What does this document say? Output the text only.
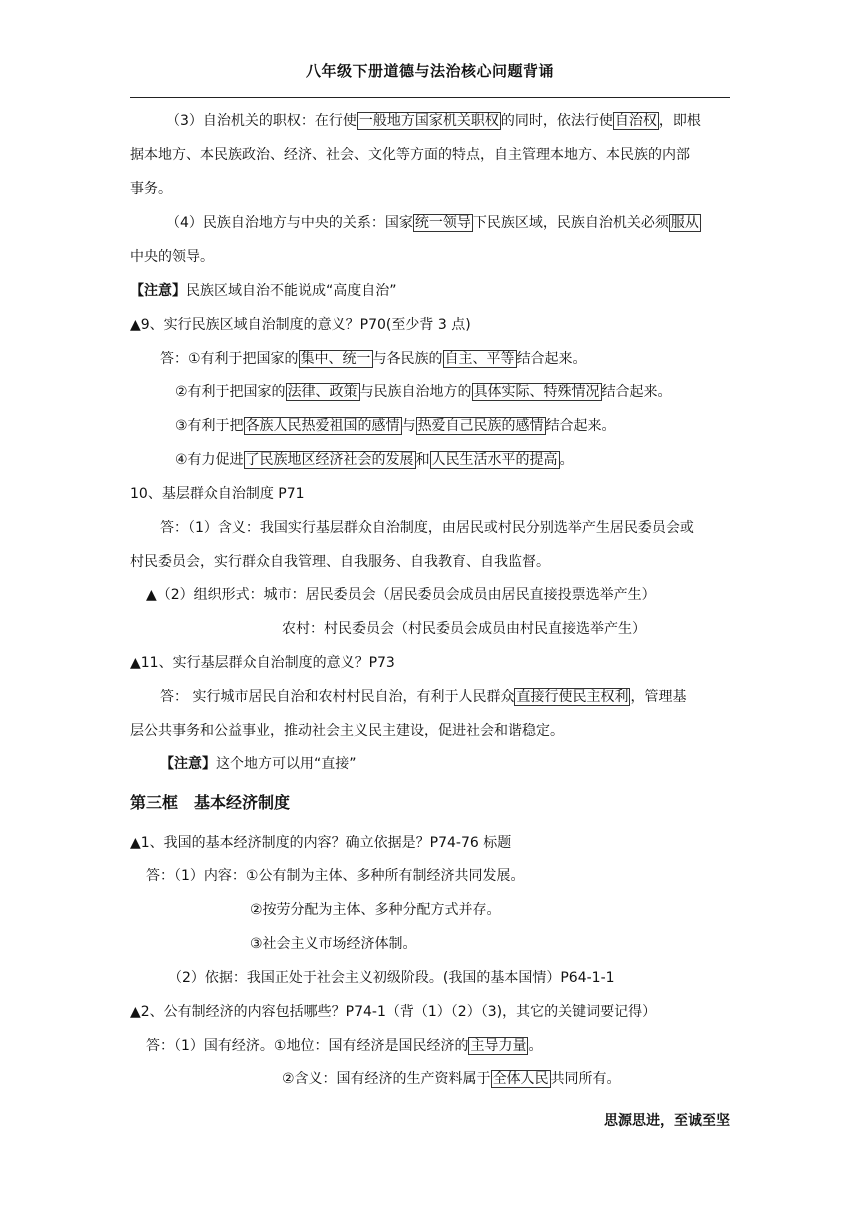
八年级下册道德与法治核心问题背诵
（3）自治机关的职权：在行使 一般地方国家机关职权 的同时，依法行使 自治权 ，即根
据本地方、本民族政治、经济、社会、文化等方面的特点，自主管理本地方、本民族的内部
事务。
（4）民族自治地方与中央的关系：国家 统一领导 下民族区域，民族自治机关必须 服从
中央的领导。
【注意】民族区域自治不能说成“高度自治”
▲9、实行民族区域自治制度的意义？P70(至少背 3 点)
答：①有利于把国家的 集中、统一 与各民族的 自主、平等 结合起来。
②有利于把国家的 法律、政策 与民族自治地方的 具体实际、特殊情况 结合起来。
③有利于把 各族人民热爱祖国的感情 与 热爱自己民族的感情 结合起来。
④有力促进 了民族地区经济社会的发展 和 人民生活水平的提高 。
10、基层群众自治制度 P71
答：（1）含义：我国实行基层群众自治制度，由居民或村民分别选举产生居民委员会或
村民委员会，实行群众自我管理、自我服务、自我教育、自我监督。
▲（2）组织形式：城市：居民委员会（居民委员会成员由居民直接投票选举产生）
农村：村民委员会（村民委员会成员由村民直接选举产生）
▲11、实行基层群众自治制度的意义？P73
答： 实行城市居民自治和农村村民自治，有利于人民群众 直接行使民主权利 ，管理基
层公共事务和公益事业，推动社会主义民主建设，促进社会和谐稳定。
【注意】这个地方可以用“直接”
第三框　基本经济制度
▲1、我国的基本经济制度的内容？确立依据是？P74-76 标题
答：（1）内容：①公有制为主体、多种所有制经济共同发展。
②按劳分配为主体、多种分配方式并存。
③社会主义市场经济体制。
（2）依据：我国正处于社会主义初级阶段。(我国的基本国情）P64-1-1
▲2、公有制经济的内容包括哪些？P74-1（背（1）（2）（3)，其它的关键词要记得）
答：（1）国有经济。①地位：国有经济是国民经济的 主导力量 。
②含义：国有经济的生产资料属于 全体人民 共同所有。
思源思进，至诚至坚
